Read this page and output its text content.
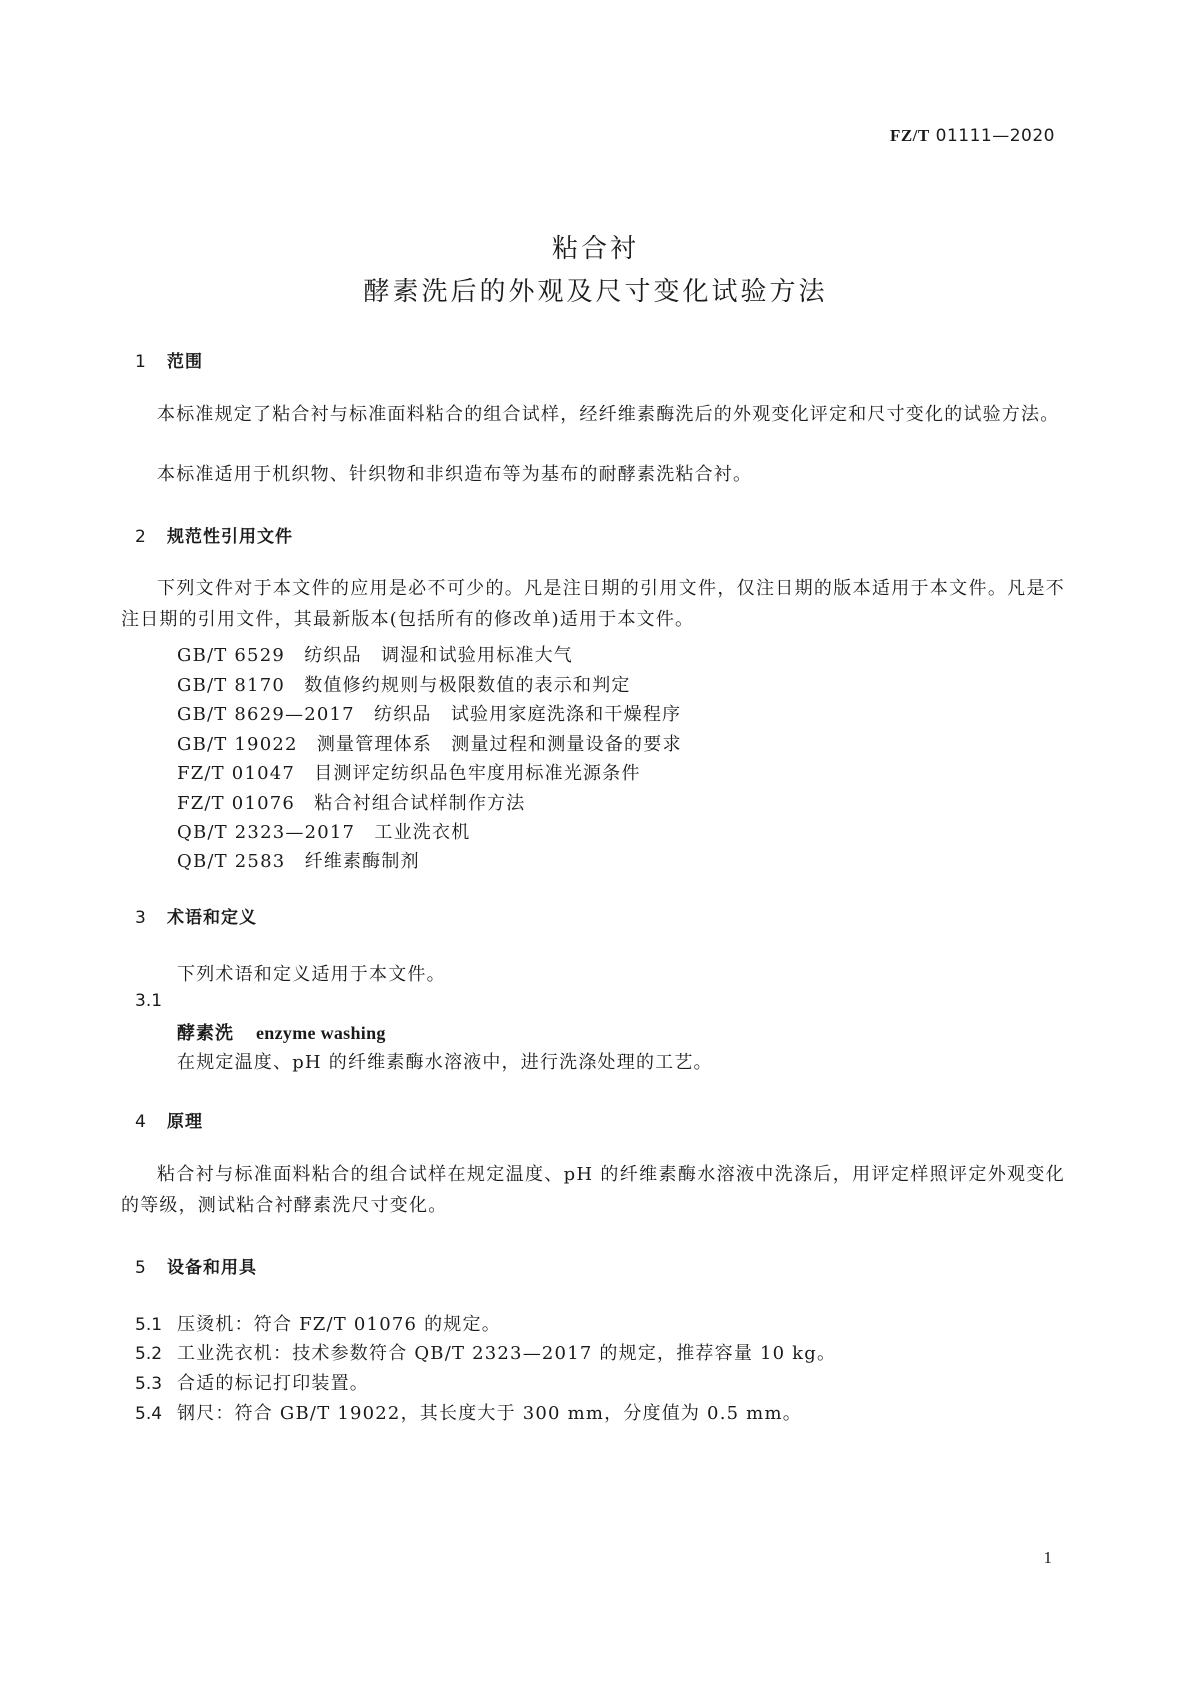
FZ/T 01111—2020
粘合衬
酵素洗后的外观及尺寸变化试验方法
1 范围
本标准规定了粘合衬与标准面料粘合的组合试样，经纤维素酶洗后的外观变化评定和尺寸变化的试验方法。
本标准适用于机织物、针织物和非织造布等为基布的耐酵素洗粘合衬。
2 规范性引用文件
下列文件对于本文件的应用是必不可少的。凡是注日期的引用文件，仅注日期的版本适用于本文件。凡是不注日期的引用文件，其最新版本(包括所有的修改单)适用于本文件。
GB/T 6529　纺织品　调湿和试验用标准大气
GB/T 8170　数值修约规则与极限数值的表示和判定
GB/T 8629—2017　纺织品　试验用家庭洗涤和干燥程序
GB/T 19022　测量管理体系　测量过程和测量设备的要求
FZ/T 01047　目测评定纺织品色牢度用标准光源条件
FZ/T 01076　粘合衬组合试样制作方法
QB/T 2323—2017　工业洗衣机
QB/T 2583　纤维素酶制剂
3 术语和定义
下列术语和定义适用于本文件。
3.1
酵素洗 enzyme washing
在规定温度、pH 的纤维素酶水溶液中，进行洗涤处理的工艺。
4 原理
粘合衬与标准面料粘合的组合试样在规定温度、pH 的纤维素酶水溶液中洗涤后，用评定样照评定外观变化的等级，测试粘合衬酵素洗尺寸变化。
5 设备和用具
5.1 压烫机：符合 FZ/T 01076 的规定。
5.2 工业洗衣机：技术参数符合 QB/T 2323—2017 的规定，推荐容量 10 kg。
5.3 合适的标记打印装置。
5.4 钢尺：符合 GB/T 19022，其长度大于 300 mm，分度值为 0.5 mm。
1
